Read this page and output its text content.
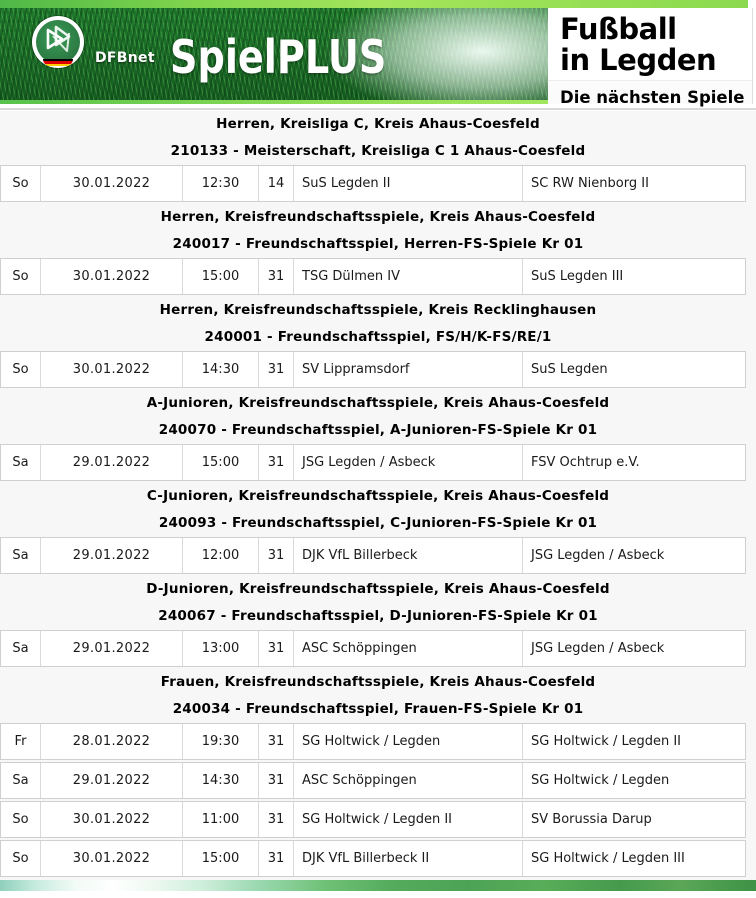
DFBnet SpielPLUS
Fußball
in Legden
Die nächsten Spiele
Herren, Kreisliga C, Kreis Ahaus-Coesfeld
210133 - Meisterschaft, Kreisliga C 1 Ahaus-Coesfeld
So	30.01.2022	12:30	14	SuS Legden II	SC RW Nienborg II
Herren, Kreisfreundschaftsspiele, Kreis Ahaus-Coesfeld
240017 - Freundschaftsspiel, Herren-FS-Spiele Kr 01
So	30.01.2022	15:00	31	TSG Dülmen IV	SuS Legden III
Herren, Kreisfreundschaftsspiele, Kreis Recklinghausen
240001 - Freundschaftsspiel, FS/H/K-FS/RE/1
So	30.01.2022	14:30	31	SV Lippramsdorf	SuS Legden
A-Junioren, Kreisfreundschaftsspiele, Kreis Ahaus-Coesfeld
240070 - Freundschaftsspiel, A-Junioren-FS-Spiele Kr 01
Sa	29.01.2022	15:00	31	JSG Legden / Asbeck	FSV Ochtrup e.V.
C-Junioren, Kreisfreundschaftsspiele, Kreis Ahaus-Coesfeld
240093 - Freundschaftsspiel, C-Junioren-FS-Spiele Kr 01
Sa	29.01.2022	12:00	31	DJK VfL Billerbeck	JSG Legden / Asbeck
D-Junioren, Kreisfreundschaftsspiele, Kreis Ahaus-Coesfeld
240067 - Freundschaftsspiel, D-Junioren-FS-Spiele Kr 01
Sa	29.01.2022	13:00	31	ASC Schöppingen	JSG Legden / Asbeck
Frauen, Kreisfreundschaftsspiele, Kreis Ahaus-Coesfeld
240034 - Freundschaftsspiel, Frauen-FS-Spiele Kr 01
Fr	28.01.2022	19:30	31	SG Holtwick / Legden	SG Holtwick / Legden II
Sa	29.01.2022	14:30	31	ASC Schöppingen	SG Holtwick / Legden
So	30.01.2022	11:00	31	SG Holtwick / Legden II	SV Borussia Darup
So	30.01.2022	15:00	31	DJK VfL Billerbeck II	SG Holtwick / Legden III
